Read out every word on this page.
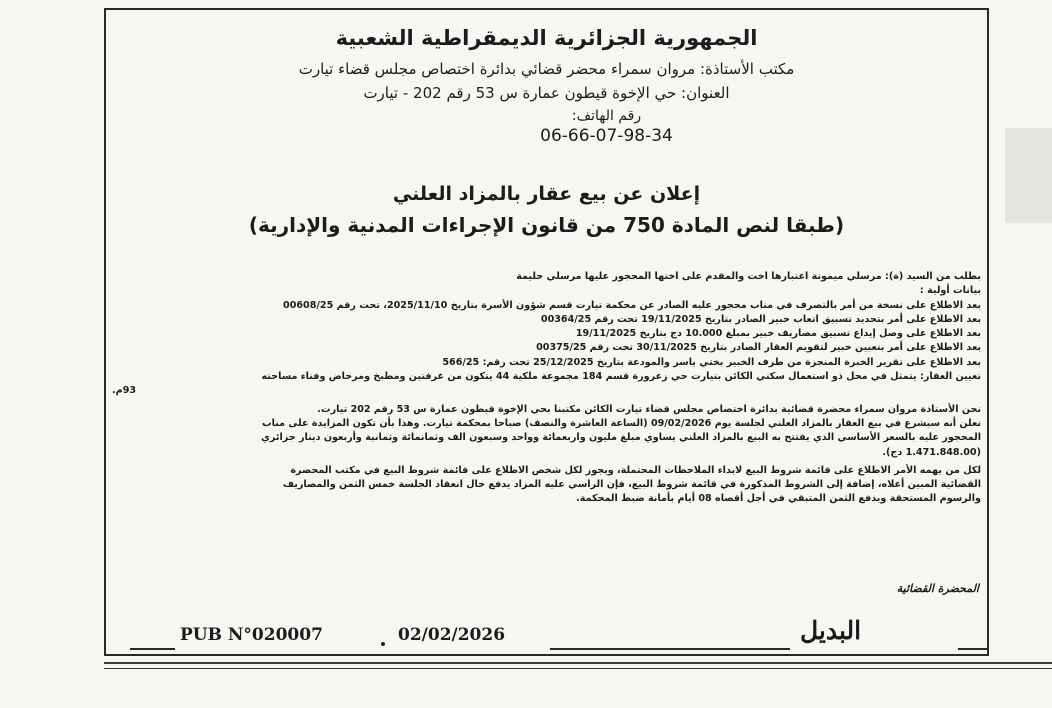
الجمهورية الجزائرية الديمقراطية الشعبية
مكتب الأستاذة: مروان سمراء محضر قضائي بدائرة اختصاص مجلس قضاء تيارت
العنوان: حي الإخوة قيطون عمارة س 53 رقم 202 - تيارت
رقم الهاتف:
06-66-07-98-34
إعلان عن بيع عقار بالمزاد العلني
(طبقا لنص المادة 750 من قانون الإجراءات المدنية والإدارية)

بطلب من السيد (ة): مرسلي ميمونة اعتبارها اخت والمقدم على اختها المحجور عليها مرسلي حليمة

بيانات أولية :

بعد الاطلاع على نسخة من أمر بالتصرف في مناب محجور عليه الصادر عن محكمة تيارت قسم شؤون الأسرة بتاريخ 2025/11/10، تحت رقم 00608/25

بعد الاطلاع على أمر بتحديد تسبيق اتعاب خبير الصادر بتاريخ 19/11/2025 تحت رقم 00364/25

بعد الاطلاع على وصل إيداع تسبيق مصاريف خبير بمبلغ 10.000 دج بتاريخ 19/11/2025

بعد الاطلاع على أمر بتعيين خبير لتقويم العقار الصادر بتاريخ 30/11/2025 تحت رقم 00375/25

بعد الاطلاع على تقرير الخبرة المنجزة من طرف الخبير بختي ياسر والمودعة بتاريخ 25/12/2025 تحت رقم: 566/25

تعيين العقار: يتمثل في محل ذو استعمال سكني الكائن بتيارت حي زعرورة قسم 184 مجموعة ملكية 44 يتكون من غرفتين ومطبخ ومرحاض وفناء مساحته

93م.

نحن الأستاذة مروان سمراء محضرة قضائية بدائرة اختصاص مجلس قضاء تيارت الكائن مكتبنا بحي الإخوة قيطون عمارة س 53 رقم 202 تيارت.

نعلن أنه سيشرع في بيع العقار بالمزاد العلني لجلسة يوم 09/02/2026 (الساعة العاشرة والنصف) صباحا بمحكمة تيارت. وهذا بأن تكون المزايدة على مناب

المحجور عليه بالسعر الأساسي الذي يفتتح به البيع بالمزاد العلني يساوي مبلغ مليون واربعمائة وواحد وسبعون الف وثمانمائة وثمانية وأربعون دينار جزائري

(1.471.848.00 دج).

لكل من يهمه الأمر الاطلاع على قائمة شروط البيع لابداء الملاحظات المحتملة، ويجوز لكل شخص الاطلاع على قائمة شروط البيع في مكتب المحضرة

القضائية المبين أعلاه، إضافة إلى الشروط المذكورة في قائمة شروط البيع، فإن الراسي عليه المزاد يدفع حال انعقاد الجلسة خمس الثمن والمصاريف

والرسوم المستحقة ويدفع الثمن المتبقي في أجل أقصاه 08 أيام بأمانة ضبط المحكمة.

المحضرة القضائية
PUB N°020007	02/02/2026	البديل
